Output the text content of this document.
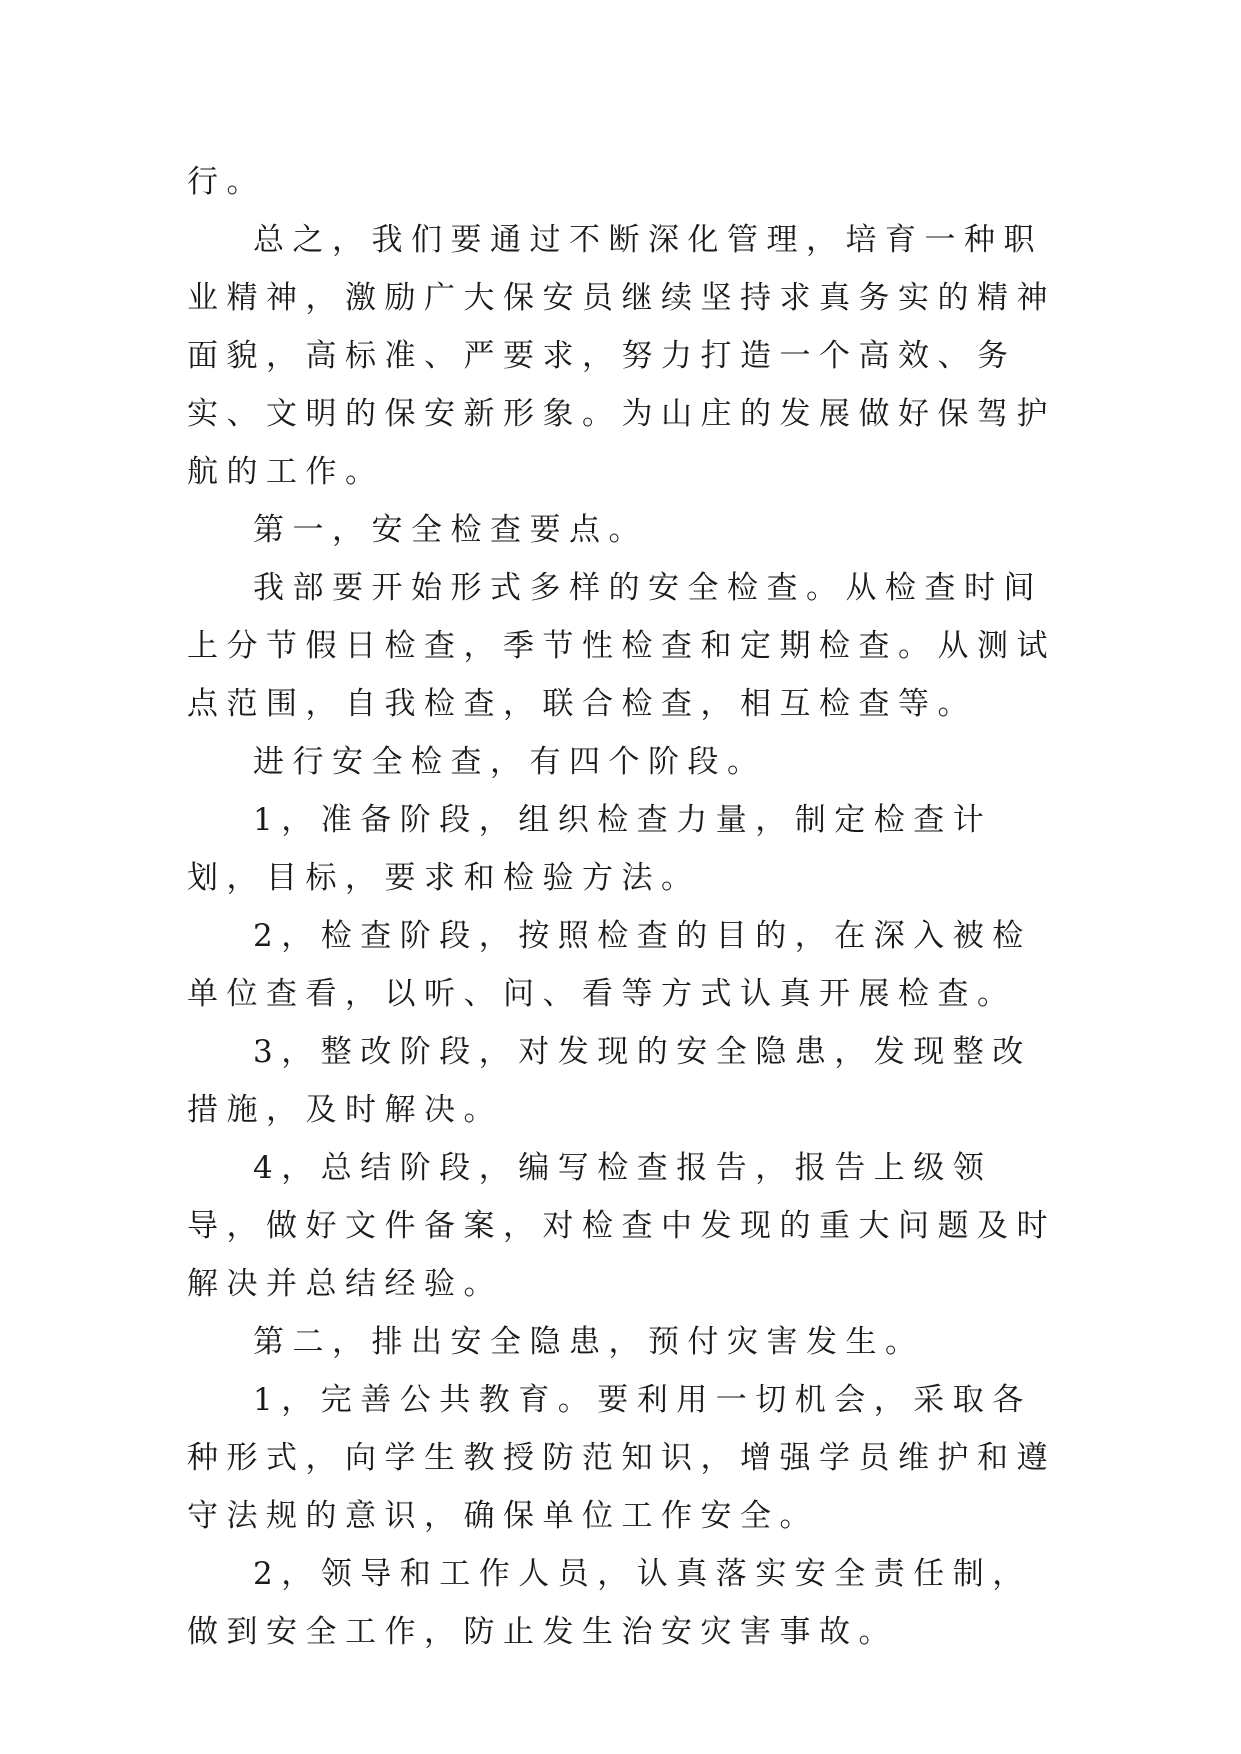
行。

总之，我们要通过不断深化管理，培育一种职业精神，激励广大保安员继续坚持求真务实的精神面貌，高标准、严要求，努力打造一个高效、务实、文明的保安新形象。为山庄的发展做好保驾护航的工作。

第一，安全检查要点。

我部要开始形式多样的安全检查。从检查时间上分节假日检查，季节性检查和定期检查。从测试点范围，自我检查，联合检查，相互检查等。

进行安全检查，有四个阶段。

1，准备阶段，组织检查力量，制定检查计划，目标，要求和检验方法。

2，检查阶段，按照检查的目的，在深入被检单位查看，以听、问、看等方式认真开展检查。

3，整改阶段，对发现的安全隐患，发现整改措施，及时解决。

4，总结阶段，编写检查报告，报告上级领导，做好文件备案，对检查中发现的重大问题及时解决并总结经验。

第二，排出安全隐患，预付灾害发生。

1，完善公共教育。要利用一切机会，采取各种形式，向学生教授防范知识，增强学员维护和遵守法规的意识，确保单位工作安全。

2，领导和工作人员，认真落实安全责任制，做到安全工作，防止发生治安灾害事故。
